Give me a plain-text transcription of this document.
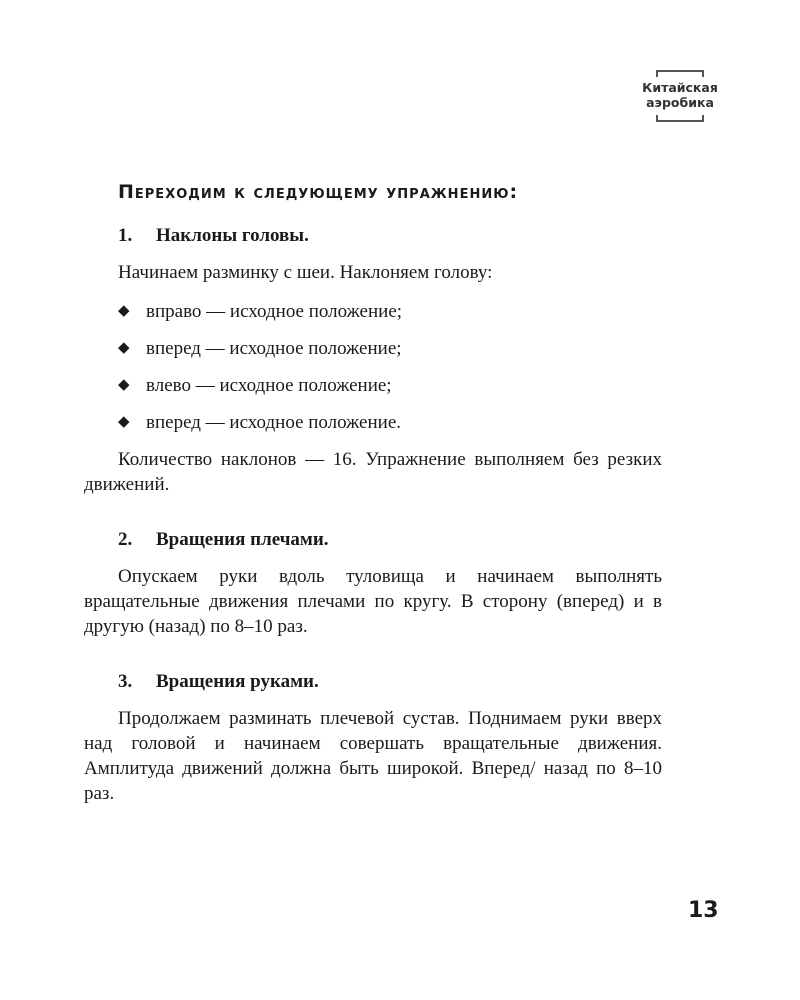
Китайская
аэробика
Переходим к следующему упражнению:
1. Наклоны головы.

Начинаем разминку с шеи. Наклоняем голову:

◆ вправо — исходное положение;
◆ вперед — исходное положение;
◆ влево — исходное положение;
◆ вперед — исходное положение.

Количество наклонов — 16. Упражнение выполняем без резких движений.

2. Вращения плечами.

Опускаем руки вдоль туловища и начинаем выполнять вращательные движения плечами по кругу. В сторону (вперед) и в другую (назад) по 8–10 раз.

3. Вращения руками.

Продолжаем разминать плечевой сустав. Поднимаем руки вверх над головой и начинаем совершать вращательные движения. Амплитуда движений должна быть широкой. Вперед/ назад по 8–10 раз.

13
